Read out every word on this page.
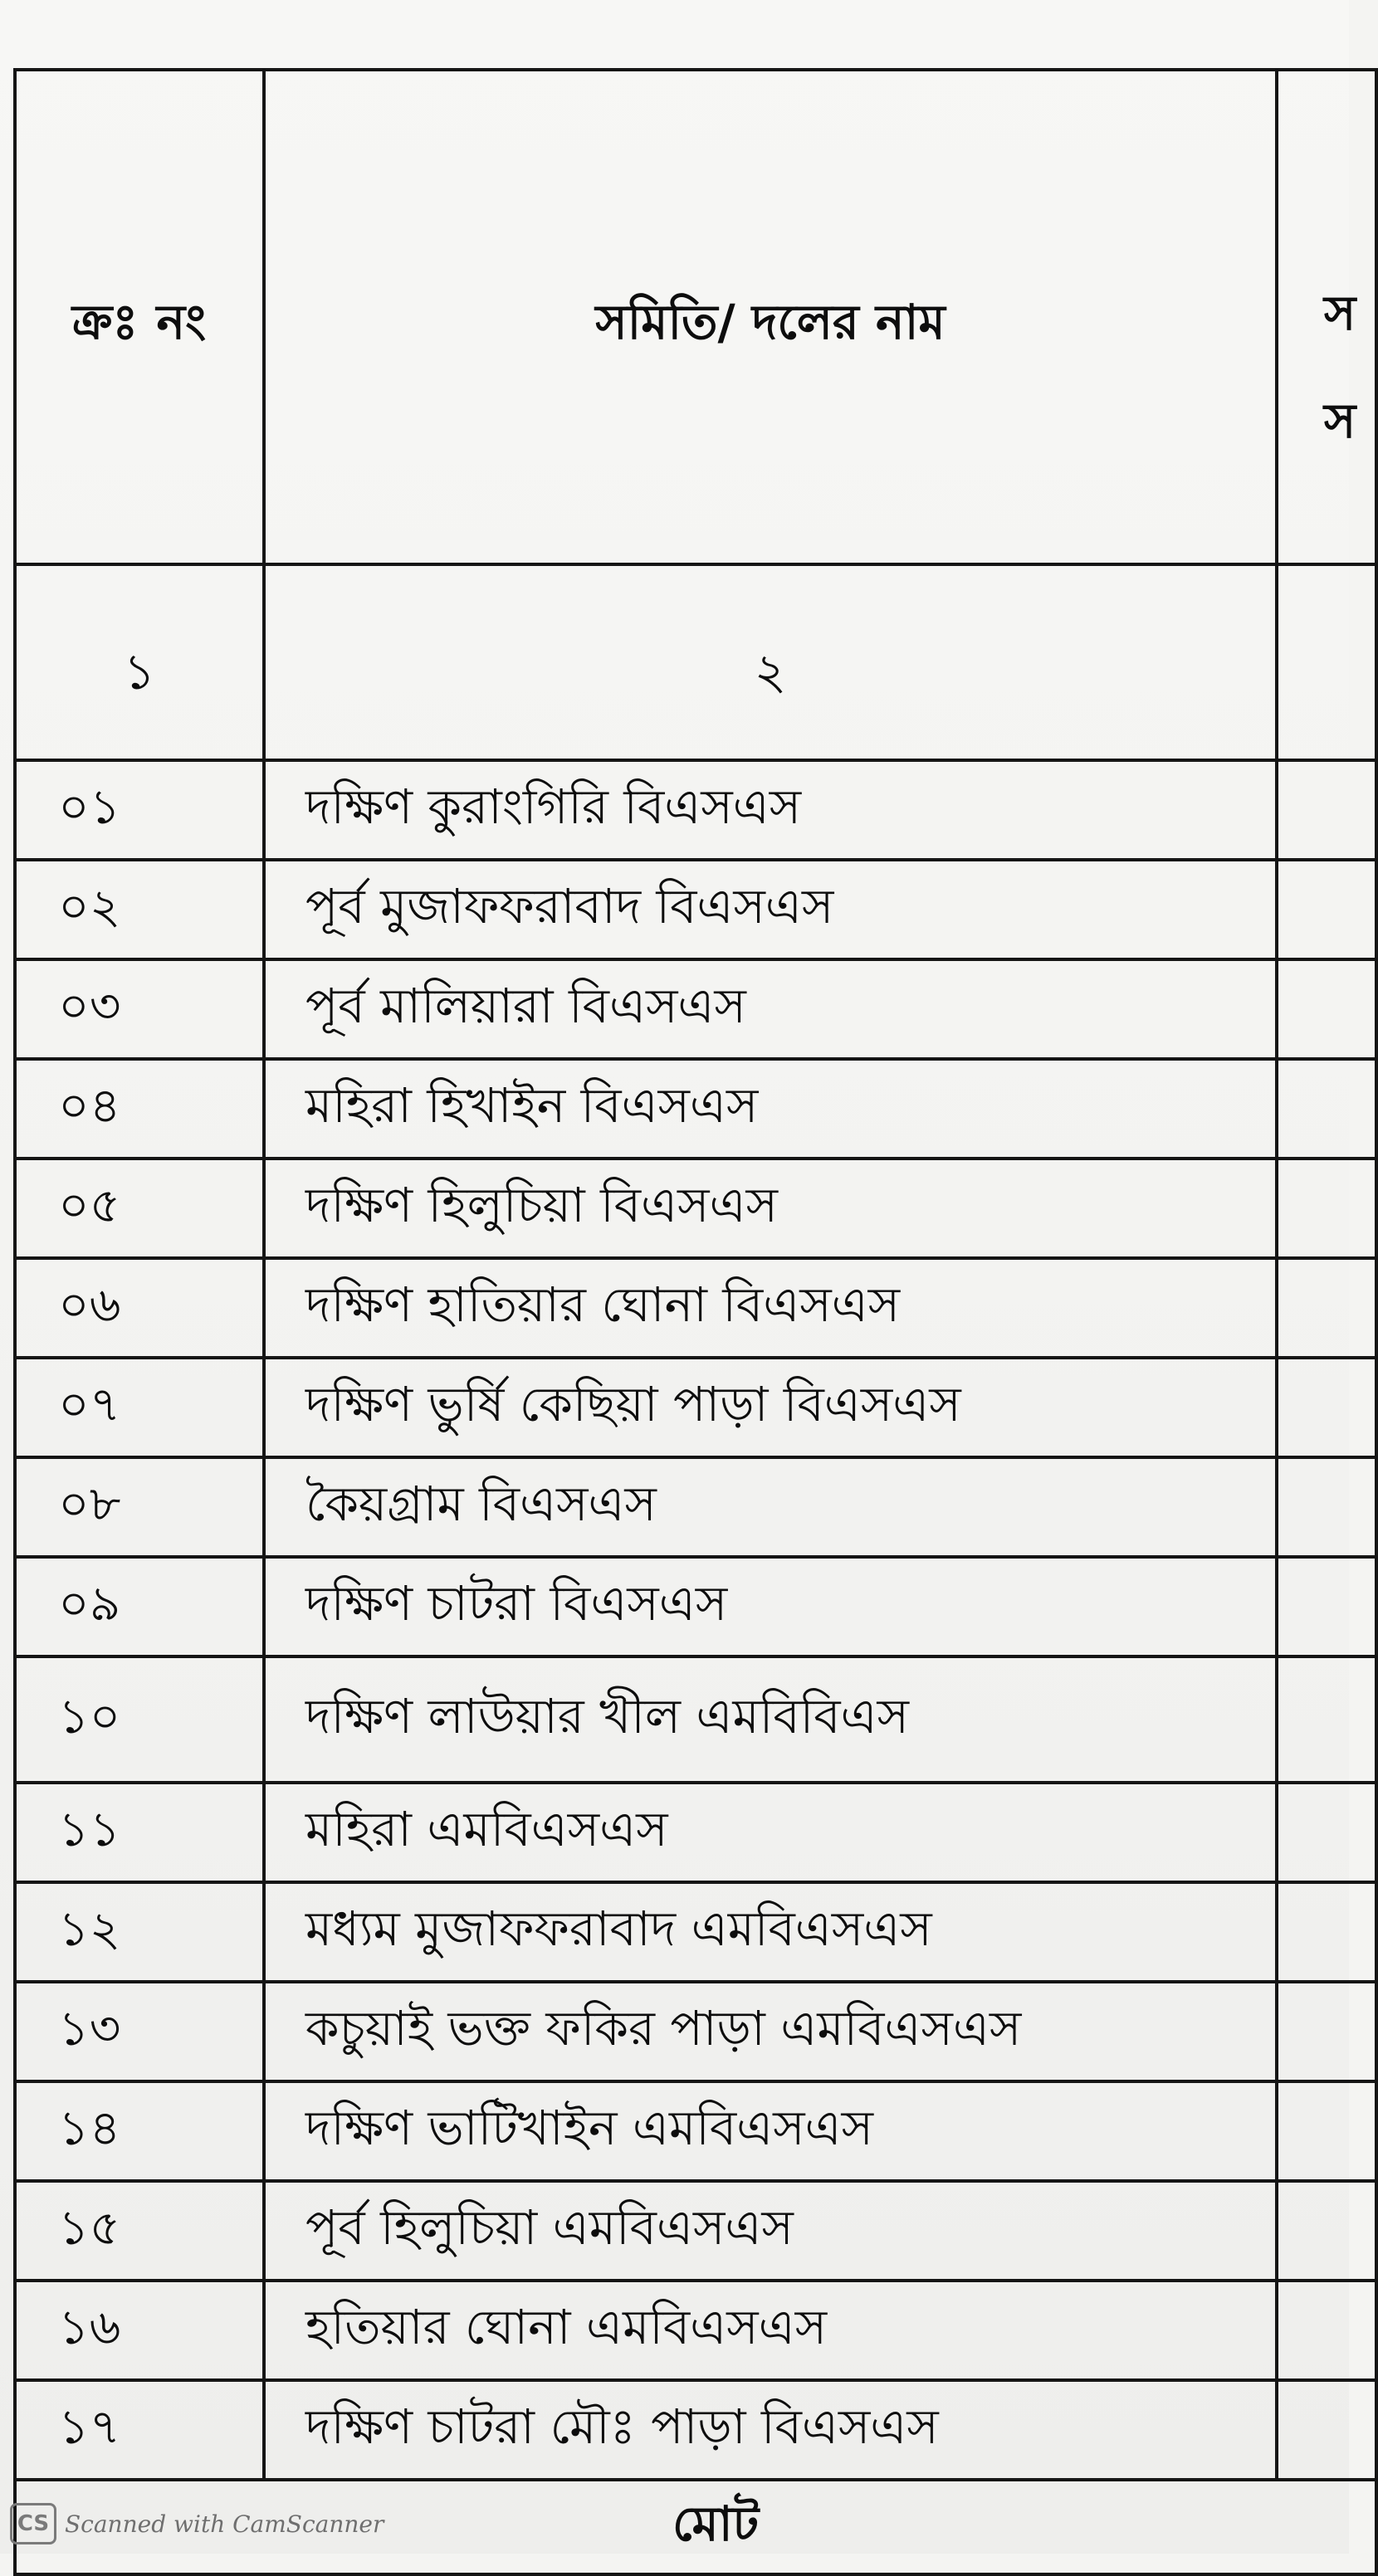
ক্রঃ নং	সমিতি/ দলের নাম	স
স

১	২	

০১	দক্ষিণ কুরাংগিরি বিএসএস	

০২	পূর্ব মুজাফফরাবাদ বিএসএস	

০৩	পূর্ব মালিয়ারা বিএসএস	

০৪	মহিরা হিখাইন বিএসএস	

০৫	দক্ষিণ হিলুচিয়া বিএসএস	

০৬	দক্ষিণ হাতিয়ার ঘোনা বিএসএস	

০৭	দক্ষিণ ভুর্ষি কেছিয়া পাড়া বিএসএস	

০৮	কৈয়গ্রাম বিএসএস	

০৯	দক্ষিণ চাটরা বিএসএস	

১০	দক্ষিণ লাউয়ার খীল এমবিবিএস	

১১	মহিরা এমবিএসএস	

১২	মধ্যম মুজাফফরাবাদ এমবিএসএস	

১৩	কচুয়াই ভক্ত ফকির পাড়া এমবিএসএস	

১৪	দক্ষিণ ভাটিখাইন এমবিএসএস	

১৫	পূর্ব হিলুচিয়া এমবিএসএস	

১৬	হতিয়ার ঘোনা এমবিএসএস	

১৭	দক্ষিণ চাটরা মৌঃ পাড়া বিএসএস	

মোট		
CS Scanned with CamScanner
